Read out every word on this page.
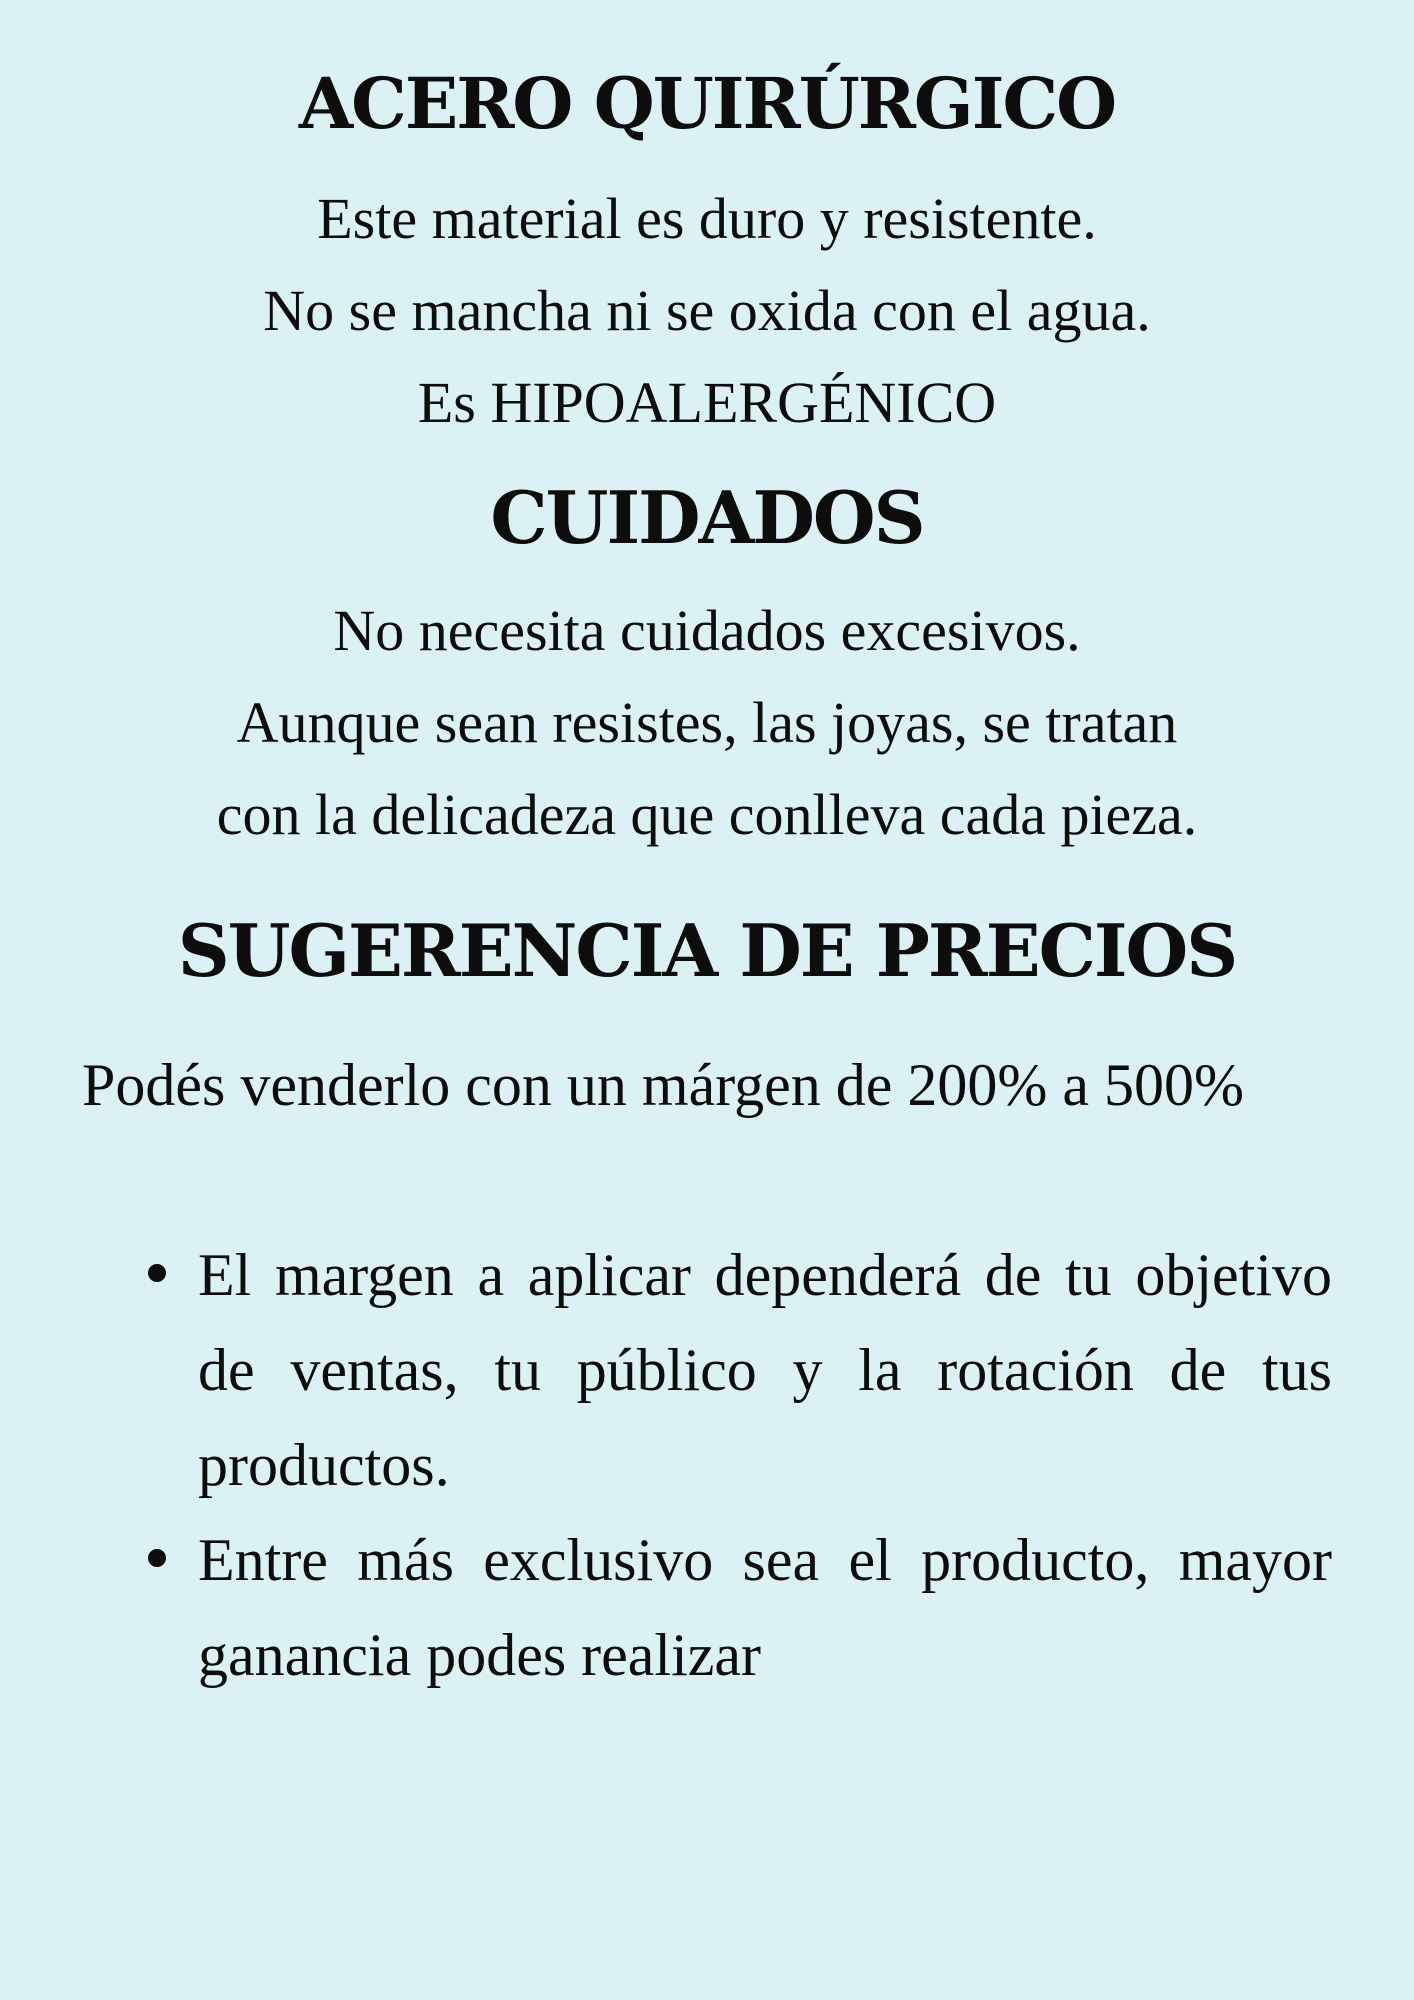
ACERO QUIRÚRGICO

Este material es duro y resistente.

No se mancha ni se oxida con el agua.

Es HIPOALERGÉNICO

CUIDADOS

No necesita cuidados excesivos.

Aunque sean resistes, las joyas, se tratan

con la delicadeza que conlleva cada pieza.

SUGERENCIA DE PRECIOS

Podés venderlo con un márgen de 200% a 500%

El margen a aplicar dependerá de tu objetivo de ventas, tu público y la rotación de tus productos.
Entre más exclusivo sea el producto, mayor ganancia podes realizar
